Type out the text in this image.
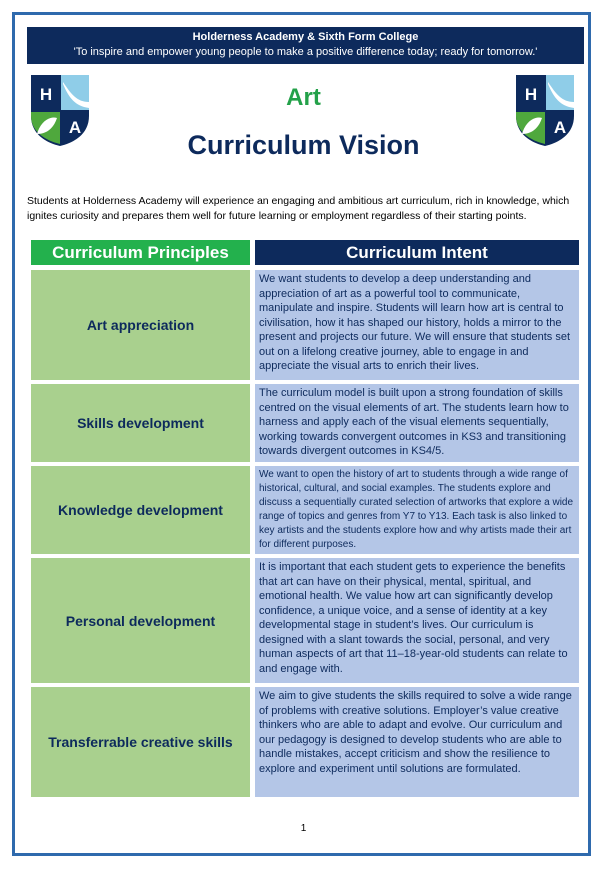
Holderness Academy & Sixth Form College
'To inspire and empower young people to make a positive difference today; ready for tomorrow.'
H
A
H
A
Art
Curriculum Vision
Students at Holderness Academy will experience an engaging and ambitious art curriculum, rich in knowledge, which ignites curiosity and prepares them well for future learning or employment regardless of their starting points.
Curriculum Principles	Curriculum Intent
Art appreciation
We want students to develop a deep understanding and appreciation of art as a powerful tool to communicate, manipulate and inspire. Students will learn how art is central to civilisation, how it has shaped our history, holds a mirror to the present and projects our future. We will ensure that students set out on a lifelong creative journey, able to engage in and appreciate the visual arts to enrich their lives.
Skills development
The curriculum model is built upon a strong foundation of skills centred on the visual elements of art. The students learn how to harness and apply each of the visual elements sequentially, working towards convergent outcomes in KS3 and transitioning towards divergent outcomes in KS4/5.
Knowledge development
We want to open the history of art to students through a wide range of historical, cultural, and social examples. The students explore and discuss a sequentially curated selection of artworks that explore a wide range of topics and genres from Y7 to Y13. Each task is also linked to key artists and the students explore how and why artists made their art for different purposes.
Personal development
It is important that each student gets to experience the benefits that art can have on their physical, mental, spiritual, and emotional health. We value how art can significantly develop confidence, a unique voice, and a sense of identity at a key developmental stage in student’s lives. Our curriculum is designed with a slant towards the social, personal, and very human aspects of art that 11–18-year-old students can relate to and engage with.
Transferrable creative skills
We aim to give students the skills required to solve a wide range of problems with creative solutions. Employer’s value creative thinkers who are able to adapt and evolve. Our curriculum and our pedagogy is designed to develop students who are able to handle mistakes, accept criticism and show the resilience to explore and experiment until solutions are formulated.
1
